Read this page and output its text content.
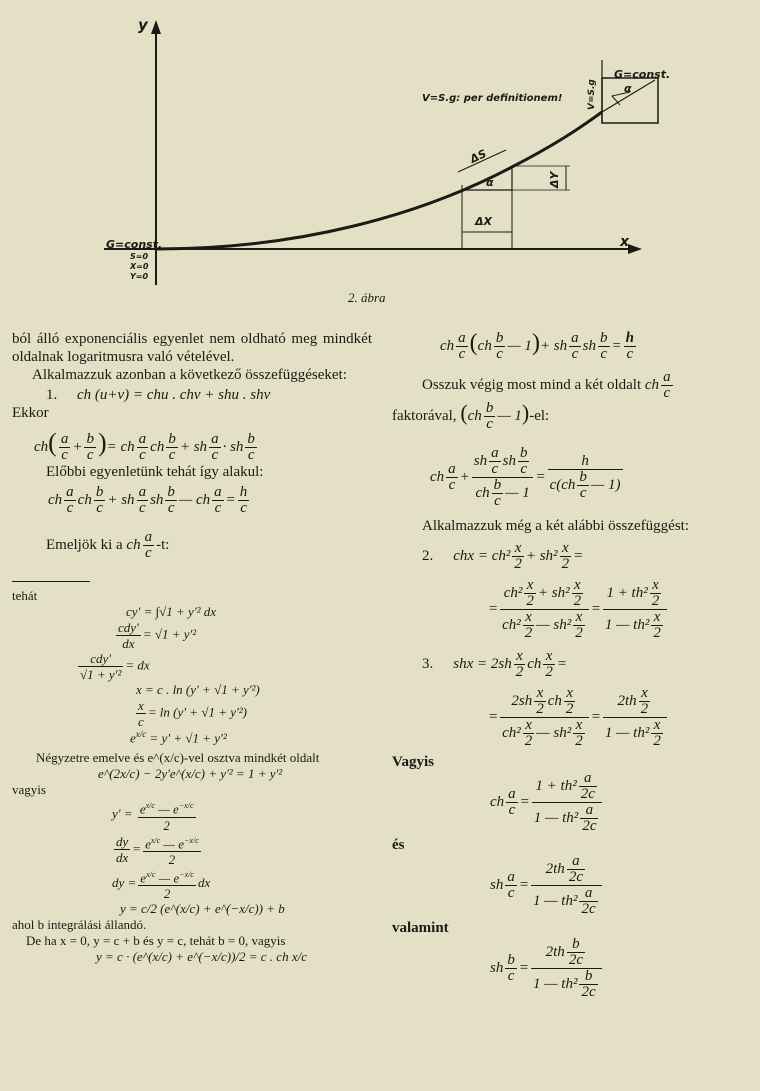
y
x
G=const.
S=0
X=0
Y=0
G=const.
V=S.g
V=S.g: per definitionem!
ΔS
ΔX
ΔY
α
α
2. ábra

ból álló exponenciális egyenlet nem oldható meg mindkét oldalnak logaritmusra való vételével.

Alkalmazzuk azonban a következő összefüggéseket:

1. ch (u+v) = chu . chv + shu . shv
Ekkor
$ch( \frac{a}{c} + \frac{b}{c}$ )= ch $\frac{a}{c}$ ch $\frac{b}{c}$ + sh $\frac{a}{c}$ · sh $\frac{b}{c}$

Előbbi egyenletünk tehát így alakul:

ch $\frac{a}{c}$ ch $\frac{b}{c}$ + sh $\frac{a}{c}$ sh $\frac{b}{c}$ — ch $\frac{a}{c} = \frac{h}{c}$
Emeljök ki a ch $\frac{a}{c} -t$:
tehát
cy' = ∫√1 + y'² dx
$\frac{\text{cdy'}}{dx} = √1 + y'^2$
$\frac{\text{cdy'}}{\text{√1 + y'²}}$ = dx
x = c . ln (y' + √1 + y'²)
$\frac{x}{c} = \ln (y' + √1 + y'^2)$
$e^{x/c} = y' + √1 + y'^2$
Négyzetre emelve és e^(x/c)-vel osztva mindkét oldalt
e^(2x/c) − 2y'e^(x/c) + y'² = 1 + y'²
vagyis
$y' = \frac{e^{x/c} — e^{-x/c}}{2}$
$\frac{dy}{dx} = \frac{e^{x/c} — e^{-x/c}}{2}$
dy = $\frac{e^{x/c} — e^{-x/c}}{2}$ dx
y = c/2 (e^(x/c) + e^(−x/c)) + b
ahol b integrálási állandó.
De ha x = 0, y = c + b és y = c, tehát b = 0, vagyis
y = c · (e^(x/c) + e^(−x/c))/2 = c . ch x/c
ch $\frac{a}{c} (ch \frac{b}{c}$ — 1)+ sh $\frac{a}{c}$ sh $\frac{b}{c} = \frac{h}{c}$
Osszuk végig most mind a két oldalt ch $\frac{a}{c}$
faktorával, ($ch \frac{b}{c}$ — 1)-el:
ch $\frac{a}{c} + \frac{sh \frac{a}{c} sh \frac{b}{c}}{ch \frac{b}{c} — 1} = \frac{h}{c(ch \frac{b}{c} — 1)}$
Alkalmazzuk még a két alábbi összefüggést:
2. chx = $ch^2 \frac{x}{2} + sh^2 \frac{x}{2}$ =
= $\frac{ch^2 \frac{x}{2} + sh^2 \frac{x}{2}}{ch^2 \frac{x}{2} — sh^2 \frac{x}{2}} = \frac{1 + th^2 \frac{x}{2}}{1 — th^2 \frac{x}{2}}$
3. shx = $2sh \frac{x}{2}$ ch $\frac{x}{2}$ =
= $\frac{2sh \frac{x}{2} ch \frac{x}{2}}{ch^2 \frac{x}{2} — sh^2 \frac{x}{2}} = \frac{2th \frac{x}{2}}{1 — th^2 \frac{x}{2}}$
Vagyis
ch $\frac{a}{c} = \frac{1 + th^2 \frac{a}{2c}}{1 — th^2 \frac{a}{2c}}$
és
sh $\frac{a}{c} = \frac{2th \frac{a}{2c}}{1 — th^2 \frac{a}{2c}}$
valamint
sh $\frac{b}{c} = \frac{2th \frac{b}{2c}}{1 — th^2 \frac{b}{2c}}$
